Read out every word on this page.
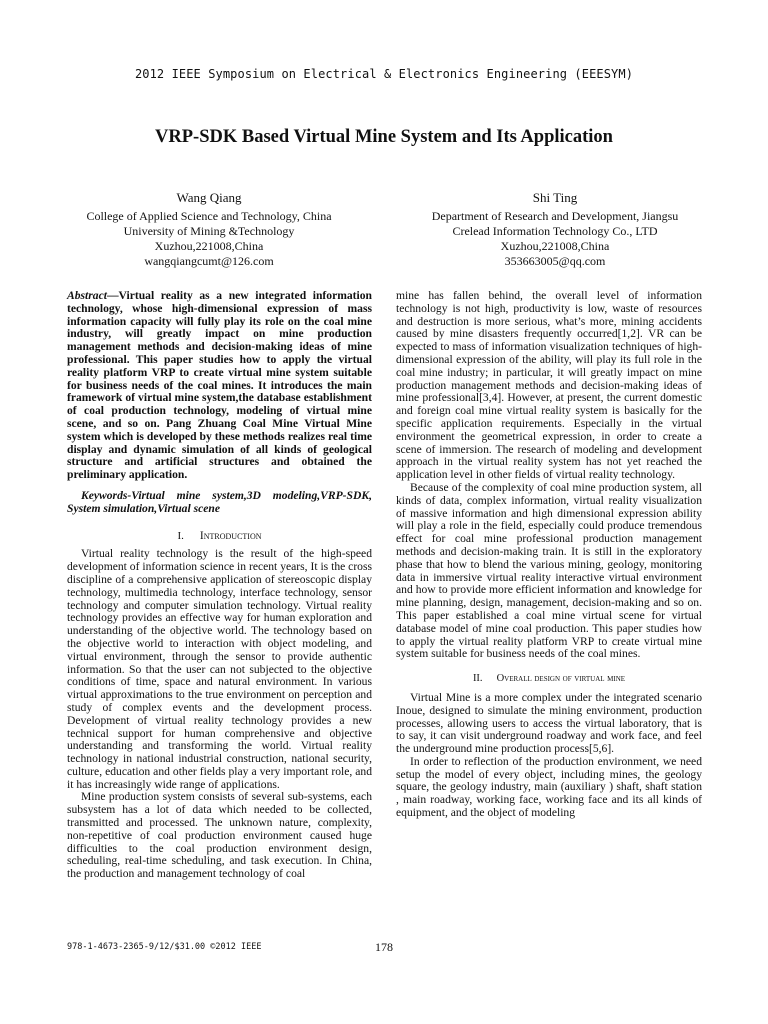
2012 IEEE Symposium on Electrical & Electronics Engineering (EEESYM)
VRP-SDK Based Virtual Mine System and Its Application
Wang Qiang
College of Applied Science and Technology, China
University of Mining &Technology
Xuzhou,221008,China
wangqiangcumt@126.com
Shi Ting
Department of Research and Development, Jiangsu
Crelead Information Technology Co., LTD
Xuzhou,221008,China
353663005@qq.com

Abstract—Virtual reality as a new integrated information technology, whose high-dimensional expression of mass information capacity will fully play its role on the coal mine industry, will greatly impact on mine production management methods and decision-making ideas of mine professional. This paper studies how to apply the virtual reality platform VRP to create virtual mine system suitable for business needs of the coal mines. It introduces the main framework of virtual mine system,the database establishment of coal production technology, modeling of virtual mine scene, and so on. Pang Zhuang Coal Mine Virtual Mine system which is developed by these methods realizes real time display and dynamic simulation of all kinds of geological structure and artificial structures and obtained the preliminary application.

Keywords-Virtual mine system,3D modeling,VRP-SDK, System simulation,Virtual scene

I. Introduction

Virtual reality technology is the result of the high-speed development of information science in recent years, It is the cross discipline of a comprehensive application of stereoscopic display technology, multimedia technology, interface technology, sensor technology and computer simulation technology. Virtual reality technology provides an effective way for human exploration and understanding of the objective world. The technology based on the objective world to interaction with object modeling, and virtual environment, through the sensor to provide authentic information. So that the user can not subjected to the objective conditions of time, space and natural environment. In various virtual approximations to the true environment on perception and study of complex events and the development process. Development of virtual reality technology provides a new technical support for human comprehensive and objective understanding and transforming the world. Virtual reality technology in national industrial construction, national security, culture, education and other fields play a very important role, and it has increasingly wide range of applications.

Mine production system consists of several sub-systems, each subsystem has a lot of data which needed to be collected, transmitted and processed. The unknown nature, complexity, non-repetitive of coal production environment caused huge difficulties to the coal production environment design, scheduling, real-time scheduling, and task execution. In China, the production and management technology of coal

mine has fallen behind, the overall level of information technology is not high, productivity is low, waste of resources and destruction is more serious, what’s more, mining accidents caused by mine disasters frequently occurred[1,2]. VR can be expected to mass of information visualization techniques of high-dimensional expression of the ability, will play its full role in the coal mine industry; in particular, it will greatly impact on mine production management methods and decision-making ideas of mine professional[3,4]. However, at present, the current domestic and foreign coal mine virtual reality system is basically for the specific application requirements. Especially in the virtual environment the geometrical expression, in order to create a scene of immersion. The research of modeling and development approach in the virtual reality system has not yet reached the application level in other fields of virtual reality technology.

Because of the complexity of coal mine production system, all kinds of data, complex information, virtual reality visualization of massive information and high dimensional expression ability will play a role in the field, especially could produce tremendous effect for coal mine professional production management methods and decision-making train. It is still in the exploratory phase that how to blend the various mining, geology, monitoring data in immersive virtual reality interactive virtual environment and how to provide more efficient information and knowledge for mine planning, design, management, decision-making and so on. This paper established a coal mine virtual scene for virtual database model of mine coal production. This paper studies how to apply the virtual reality platform VRP to create virtual mine system suitable for business needs of the coal mines.

II. Overall design of virtual mine

Virtual Mine is a more complex under the integrated scenario Inoue, designed to simulate the mining environment, production processes, allowing users to access the virtual laboratory, that is to say, it can visit underground roadway and work face, and feel the underground mine production process[5,6].

In order to reflection of the production environment, we need setup the model of every object, including mines, the geology square, the geology industry, main (auxiliary ) shaft, shaft station , main roadway, working face, working face and its all kinds of equipment, and the object of modeling

978-1-4673-2365-9/12/$31.00 ©2012 IEEE	178
